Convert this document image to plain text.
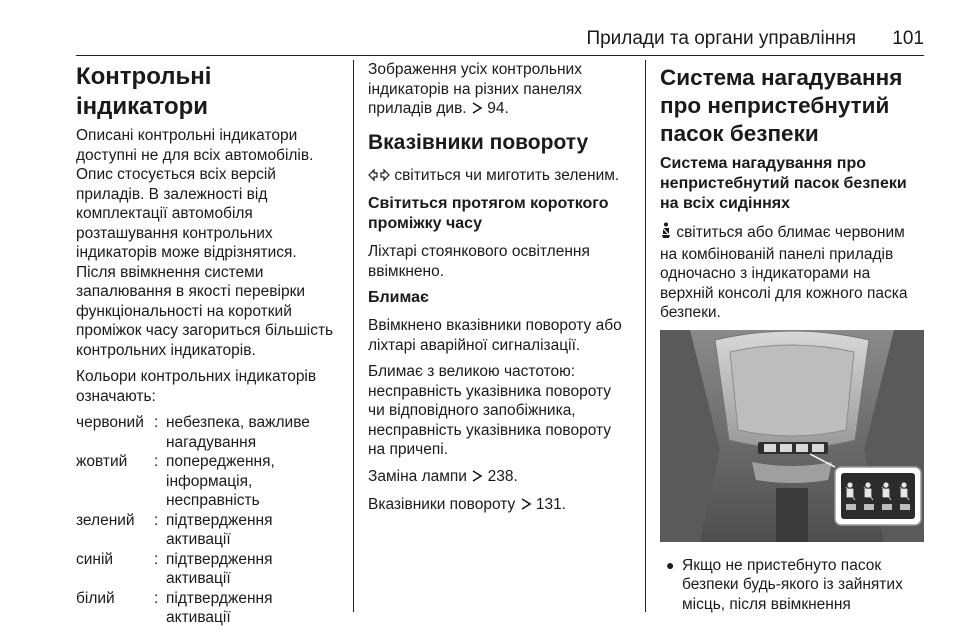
Прилади та органи управління 101
Контрольні індикатори

Описані контрольні індикатори доступні не для всіх автомобілів. Опис стосується всіх версій приладів. В залежності від комплектації автомобіля розташування контрольних індикаторів може відрізнятися. Після ввімкнення системи запалювання в якості перевірки функціональності на короткий проміжок часу загориться більшість контрольних індикаторів.

Кольори контрольних індикаторів означають:

червоний	:	небезпека, важливе нагадування
жовтий	:	попередження, інформація, несправність
зелений	:	підтвердження активації
синій	:	підтвердження активації
білий	:	підтвердження активації

Зображення усіх контрольних індикаторів на різних панелях приладів див. 94.

Вказівники повороту

світиться чи миготить зеленим.

Світиться протягом короткого проміжку часу

Ліхтарі стоянкового освітлення ввімкнено.

Блимає

Ввімкнено вказівники повороту або ліхтарі аварійної сигналізації.

Блимає з великою частотою: несправність указівника повороту чи відповідного запобіжника, несправність указівника повороту на причепі.

Заміна лампи 238.

Вказівники повороту 131.

Система нагадування про непристебнутий пасок безпеки
Система нагадування про непристебнутий пасок безпеки на всіх сидіннях

світиться або блимає червоним на комбінованій панелі приладів одночасно з індикаторами на верхній консолі для кожного паска безпеки.

● Якщо не пристебнуто пасок безпеки будь-якого із зайнятих місць, після ввімкнення
